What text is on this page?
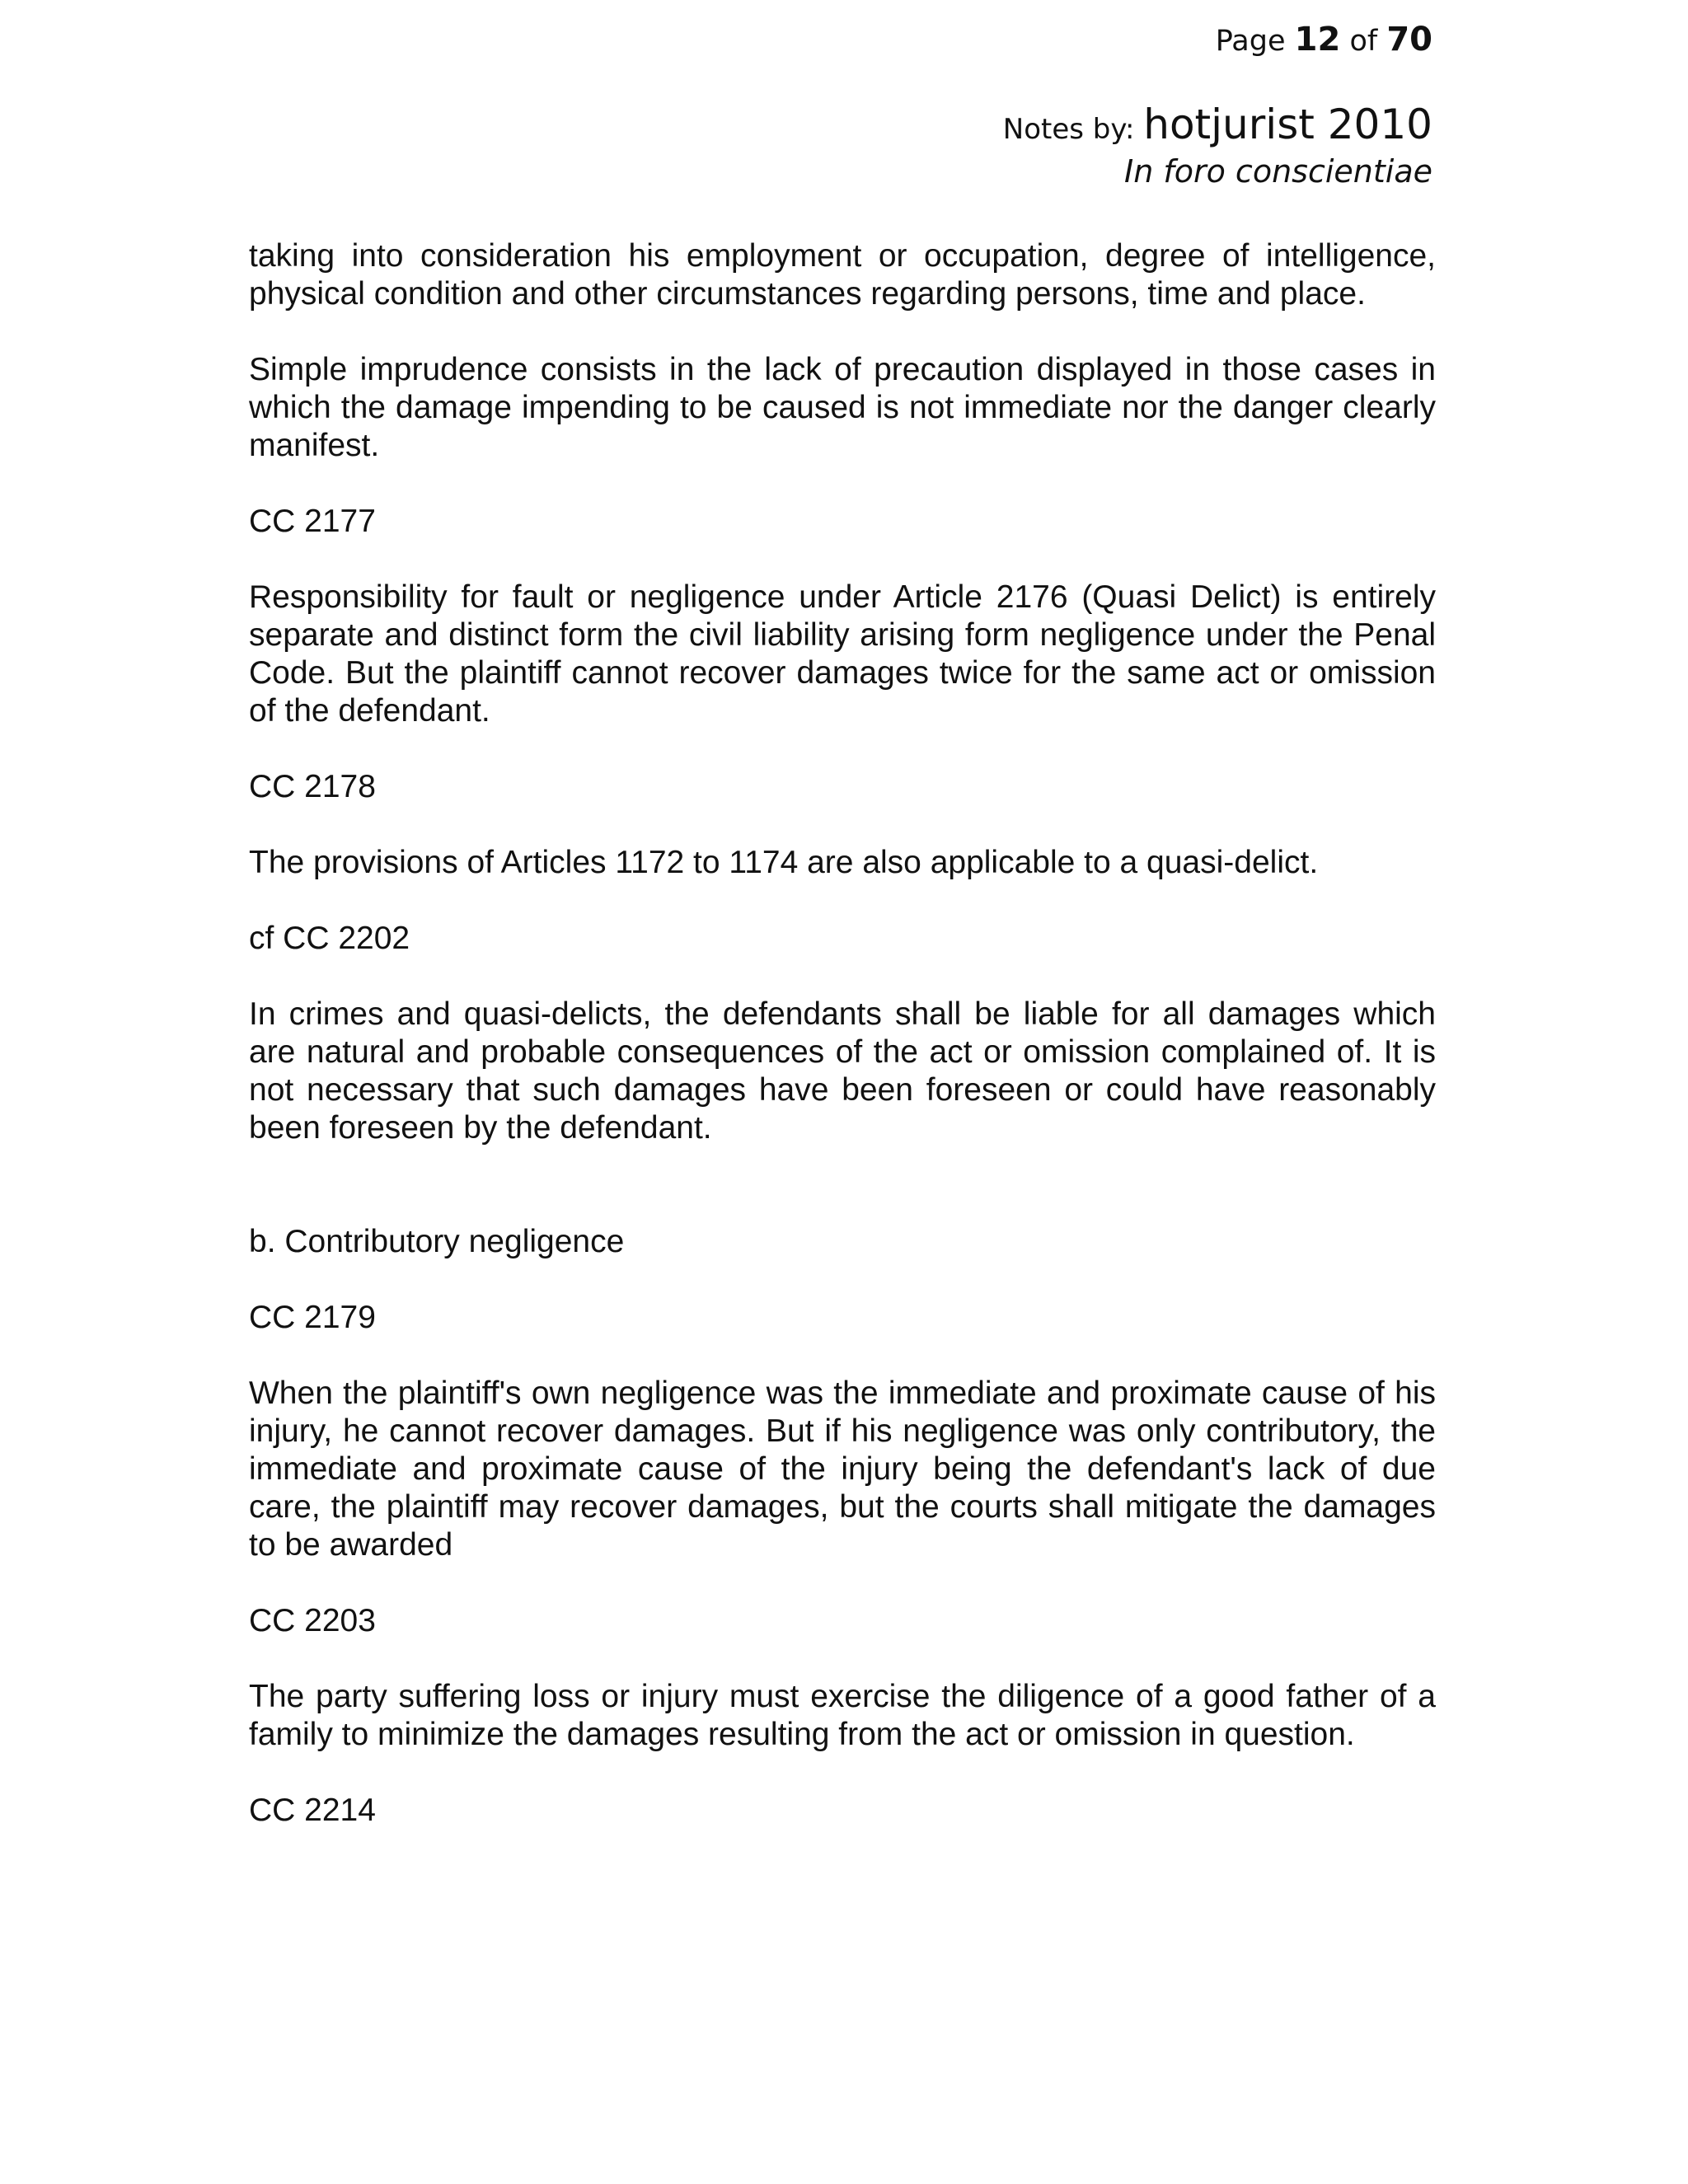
Page 12 of 70
Notes by: hotjurist 2010
In foro conscientiae

taking into consideration his employment or occupation, degree of intelligence, physical condition and other circumstances regarding persons, time and place.

Simple imprudence consists in the lack of precaution displayed in those cases in which the damage impending to be caused is not immediate nor the danger clearly manifest.

CC 2177

Responsibility for fault or negligence under Article 2176 (Quasi Delict) is entirely separate and distinct form the civil liability arising form negligence under the Penal Code. But the plaintiff cannot recover damages twice for the same act or omission of the defendant.

CC 2178

The provisions of Articles 1172 to 1174 are also applicable to a quasi-delict.

cf CC 2202

In crimes and quasi-delicts, the defendants shall be liable for all damages which are natural and probable consequences of the act or omission complained of. It is not necessary that such damages have been foreseen or could have reasonably been foreseen by the defendant.

b. Contributory negligence

CC 2179

When the plaintiff's own negligence was the immediate and proximate cause of his injury, he cannot recover damages. But if his negligence was only contributory, the immediate and proximate cause of the injury being the defendant's lack of due care, the plaintiff may recover damages, but the courts shall mitigate the damages to be awarded

CC 2203

The party suffering loss or injury must exercise the diligence of a good father of a family to minimize the damages resulting from the act or omission in question.

CC 2214
